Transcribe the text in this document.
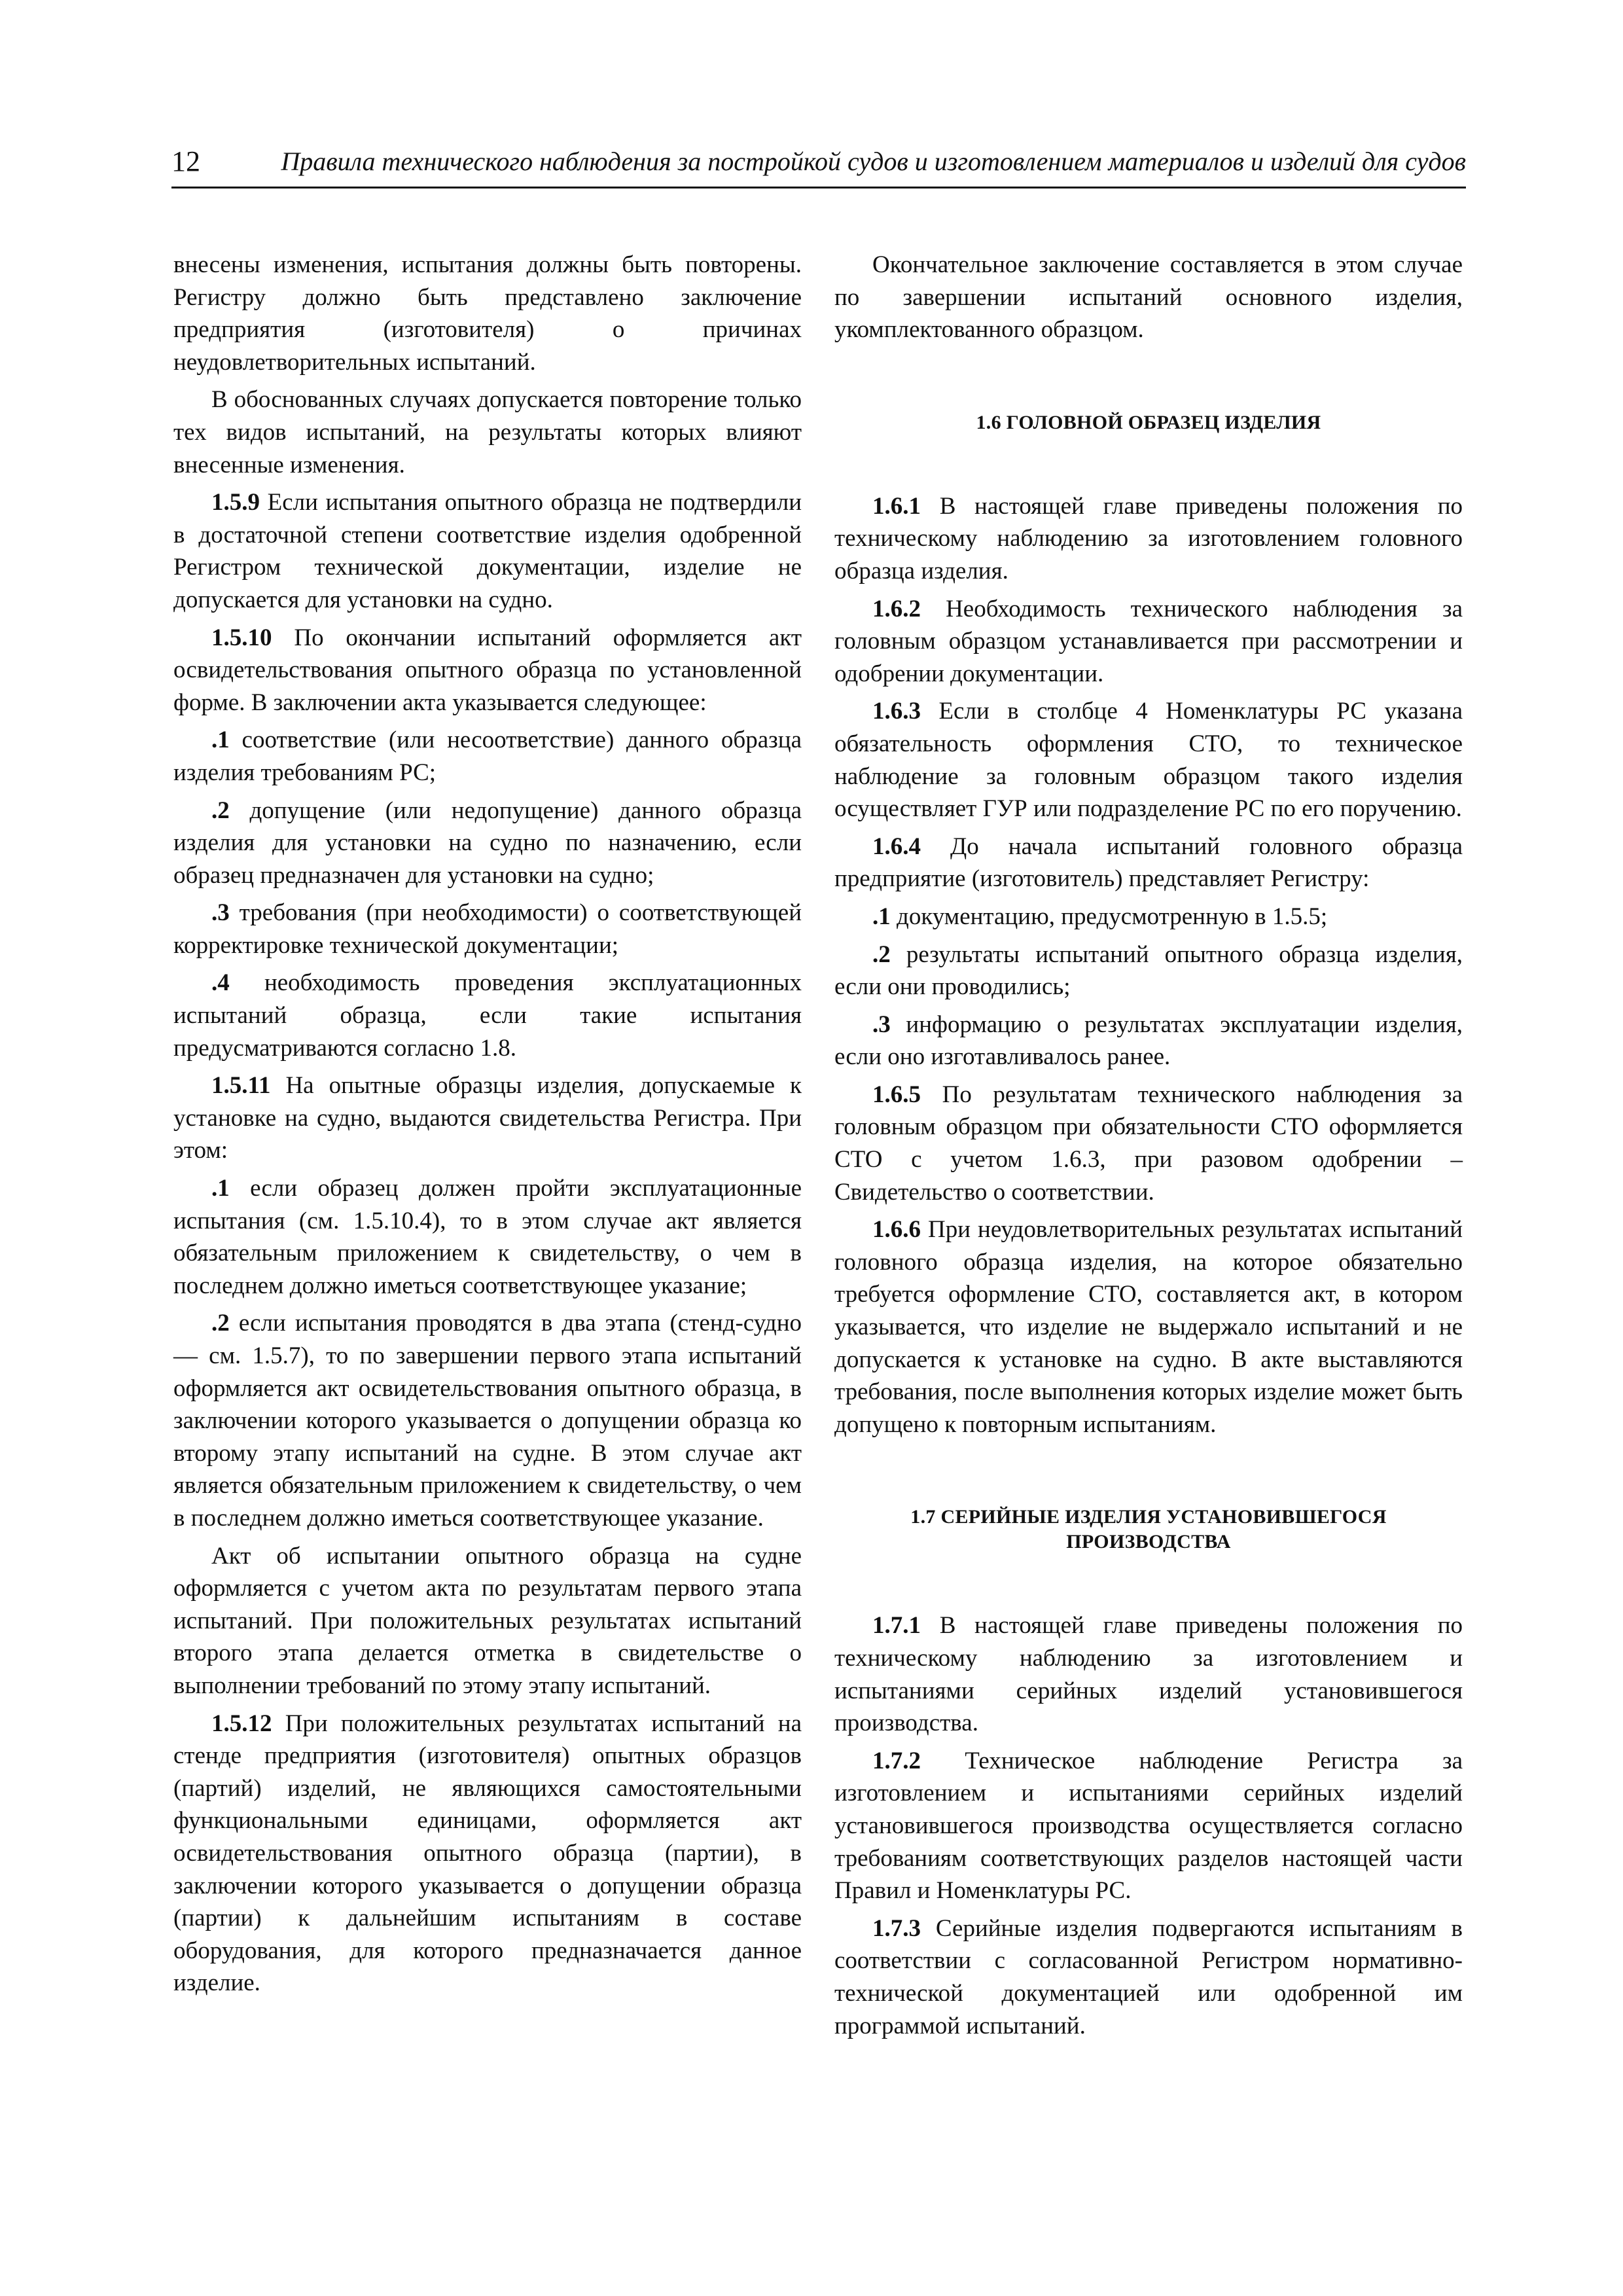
12	Правила технического наблюдения за постройкой судов и изготовлением материалов и изделий для судов

внесены изменения, испытания должны быть повторены. Регистру должно быть представлено заключение предприятия (изготовителя) о причинах неудовлетворительных испытаний.

В обоснованных случаях допускается повторение только тех видов испытаний, на результаты которых влияют внесенные изменения.

1.5.9 Если испытания опытного образца не подтвердили в достаточной степени соответствие изделия одобренной Регистром технической документации, изделие не допускается для установки на судно.

1.5.10 По окончании испытаний оформляется акт освидетельствования опытного образца по установленной форме. В заключении акта указывается следующее:

.1 соответствие (или несоответствие) данного образца изделия требованиям РС;

.2 допущение (или недопущение) данного образца изделия для установки на судно по назначению, если образец предназначен для установки на судно;

.3 требования (при необходимости) о соответствующей корректировке технической документации;

.4 необходимость проведения эксплуатационных испытаний образца, если такие испытания предусматриваются согласно 1.8.

1.5.11 На опытные образцы изделия, допускаемые к установке на судно, выдаются свидетельства Регистра. При этом:

.1 если образец должен пройти эксплуатационные испытания (см. 1.5.10.4), то в этом случае акт является обязательным приложением к свидетельству, о чем в последнем должно иметься соответствующее указание;

.2 если испытания проводятся в два этапа (стенд-судно — см. 1.5.7), то по завершении первого этапа испытаний оформляется акт освидетельствования опытного образца, в заключении которого указывается о допущении образца ко второму этапу испытаний на судне. В этом случае акт является обязательным приложением к свидетельству, о чем в последнем должно иметься соответствующее указание.

Акт об испытании опытного образца на судне оформляется с учетом акта по результатам первого этапа испытаний. При положительных результатах испытаний второго этапа делается отметка в свидетельстве о выполнении требований по этому этапу испытаний.

1.5.12 При положительных результатах испытаний на стенде предприятия (изготовителя) опытных образцов (партий) изделий, не являющихся самостоятельными функциональными единицами, оформляется акт освидетельствования опытного образца (партии), в заключении которого указывается о допущении образца (партии) к дальнейшим испытаниям в составе оборудования, для которого предназначается данное изделие.

Окончательное заключение составляется в этом случае по завершении испытаний основного изделия, укомплектованного образцом.

1.6 ГОЛОВНОЙ ОБРАЗЕЦ ИЗДЕЛИЯ

1.6.1 В настоящей главе приведены положения по техническому наблюдению за изготовлением головного образца изделия.

1.6.2 Необходимость технического наблюдения за головным образцом устанавливается при рассмотрении и одобрении документации.

1.6.3 Если в столбце 4 Номенклатуры РС указана обязательность оформления СТО, то техническое наблюдение за головным образцом такого изделия осуществляет ГУР или подразделение РС по его поручению.

1.6.4 До начала испытаний головного образца предприятие (изготовитель) представляет Регистру:

.1 документацию, предусмотренную в 1.5.5;

.2 результаты испытаний опытного образца изделия, если они проводились;

.3 информацию о результатах эксплуатации изделия, если оно изготавливалось ранее.

1.6.5 По результатам технического наблюдения за головным образцом при обязательности СТО оформляется СТО с учетом 1.6.3, при разовом одобрении – Свидетельство о соответствии.

1.6.6 При неудовлетворительных результатах испытаний головного образца изделия, на которое обязательно требуется оформление СТО, составляется акт, в котором указывается, что изделие не выдержало испытаний и не допускается к установке на судно. В акте выставляются требования, после выполнения которых изделие может быть допущено к повторным испытаниям.

1.7 СЕРИЙНЫЕ ИЗДЕЛИЯ УСТАНОВИВШЕГОСЯ
ПРОИЗВОДСТВА

1.7.1 В настоящей главе приведены положения по техническому наблюдению за изготовлением и испытаниями серийных изделий установившегося производства.

1.7.2 Техническое наблюдение Регистра за изготовлением и испытаниями серийных изделий установившегося производства осуществляется согласно требованиям соответствующих разделов настоящей части Правил и Номенклатуры РС.

1.7.3 Серийные изделия подвергаются испытаниям в соответствии с согласованной Регистром нормативно-технической документацией или одобренной им программой испытаний.
